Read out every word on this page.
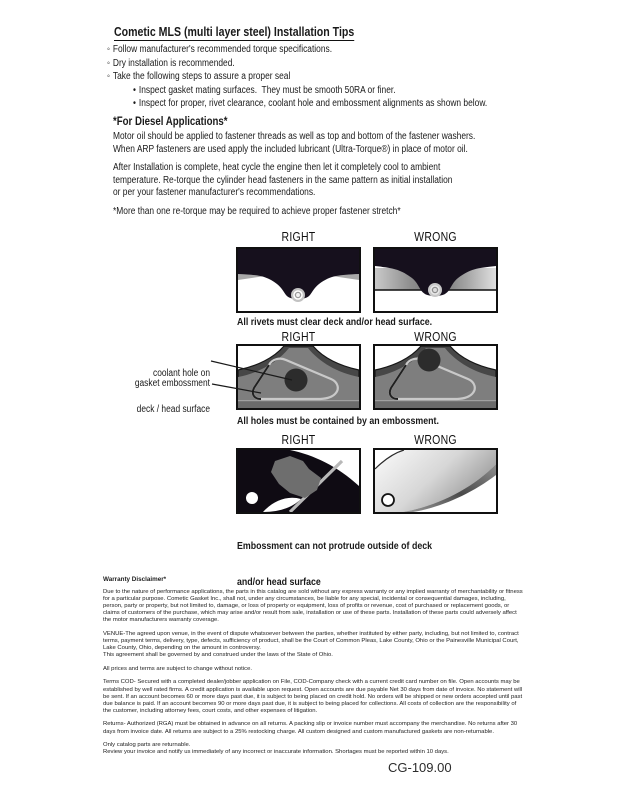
Cometic MLS (multi layer steel) Installation Tips
◦ Follow manufacturer's recommended torque specifications.
◦ Dry installation is recommended.
◦ Take the following steps to assure a proper seal
• Inspect gasket mating surfaces.  They must be smooth 50RA or finer.
• Inspect for proper, rivet clearance, coolant hole and embossment alignments as shown below.
*For Diesel Applications*

Motor oil should be applied to fastener threads as well as top and bottom of the fastener washers.
When ARP fasteners are used apply the included lubricant (Ultra-Torque®) in place of motor oil.

After Installation is complete, heat cycle the engine then let it completely cool to ambient
temperature. Re-torque the cylinder head fasteners in the same pattern as initial installation
or per your fastener manufacturer's recommendations.

*More than one re-torque may be required to achieve proper fastener stretch*

RIGHT	WRONG
All rivets must clear deck and/or head surface.
RIGHT	WRONG

coolant hole on

deck / head surface

gasket embossment
All holes must be contained by an embossment.
RIGHT	WRONG

Embossment can not protrude outside of deck

and/or head surface

Warranty Disclaimer*

Due to the nature of performance applications, the parts in this catalog are sold without any express warranty or any implied warranty of merchantability or fitness for a particular purpose. Cometic Gasket Inc., shall not, under any circumstances, be liable for any special, incidental or consequential damages, including, person, party or property, but not limited to, damage, or loss of property or equipment, loss of profits or revenue, cost of purchased or replacement goods, or claims of customers of the purchase, which may arise and/or result from sale, installation or use of these parts. Installation of these parts could adversely affect the motor manufacturers warranty coverage.

VENUE-The agreed upon venue, in the event of dispute whatsoever between the parties, whether instituted by either party, including, but not limited to, contract terms, payment terms, delivery, type, defects, sufficiency of product, shall be the Court of Common Pleas, Lake County, Ohio or the Painesville Municipal Court, Lake County, Ohio, depending on the amount in controversy.

This agreement shall be governed by and construed under the laws of the State of Ohio.

All prices and terms are subject to change without notice.

Terms COD- Secured with a completed dealer/jobber application on File, COD-Company check with a current credit card number on file. Open accounts may be established by well rated firms. A credit application is available upon request. Open accounts are due payable Net 30 days from date of invoice. No statement will be sent. If an account becomes 60 or more days past due, it is subject to being placed on credit hold. No orders will be shipped or new orders accepted until past due balance is paid. If an account becomes 90 or more days past due, it is subject to being placed for collections. All costs of collection are the responsibility of the customer, including attorney fees, court costs, and other expenses of litigation.

Returns- Authorized (RGA) must be obtained in advance on all returns. A packing slip or invoice number must accompany the merchandise. No returns after 30 days from invoice date. All returns are subject to a 25% restocking charge. All custom designed and custom manufactured gaskets are non-returnable.

Only catalog parts are returnable.

Review your invoice and notify us immediately of any incorrect or inaccurate information. Shortages must be reported within 10 days.

CG-109.00
